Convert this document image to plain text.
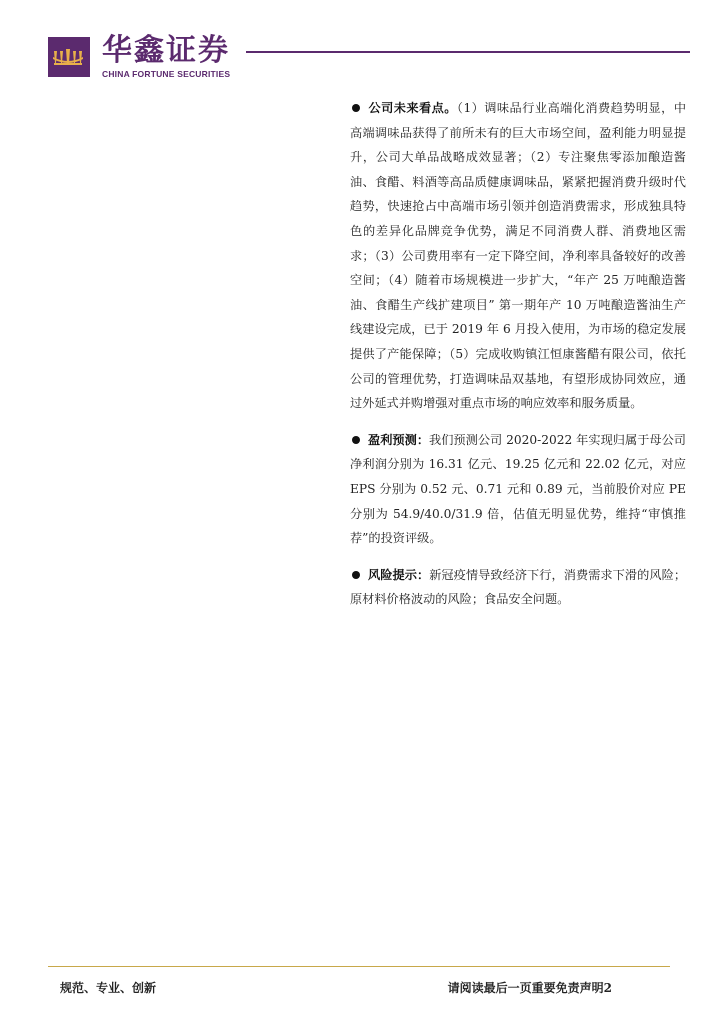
华鑫证券
CHINA FORTUNE SECURITIES

公司未来看点。（1）调味品行业高端化消费趋势明显，中高端调味品获得了前所未有的巨大市场空间，盈利能力明显提升，公司大单品战略成效显著；（2）专注聚焦零添加酿造酱油、食醋、料酒等高品质健康调味品，紧紧把握消费升级时代趋势，快速抢占中高端市场引领并创造消费需求，形成独具特色的差异化品牌竞争优势，满足不同消费人群、消费地区需求；（3）公司费用率有一定下降空间，净利率具备较好的改善空间；（4）随着市场规模进一步扩大，“年产 25 万吨酿造酱油、食醋生产线扩建项目” 第一期年产 10 万吨酿造酱油生产线建设完成，已于 2019 年 6 月投入使用，为市场的稳定发展提供了产能保障；（5）完成收购镇江恒康酱醋有限公司，依托公司的管理优势，打造调味品双基地，有望形成协同效应，通过外延式并购增强对重点市场的响应效率和服务质量。

盈利预测：我们预测公司 2020-2022 年实现归属于母公司净利润分别为 16.31 亿元、19.25 亿元和 22.02 亿元，对应 EPS 分别为 0.52 元、0.71 元和 0.89 元，当前股价对应 PE 分别为 54.9/40.0/31.9 倍，估值无明显优势，维持“审慎推荐”的投资评级。

风险提示：新冠疫情导致经济下行，消费需求下滑的风险；原材料价格波动的风险；食品安全问题。

规范、专业、创新	请阅读最后一页重要免责声明2
